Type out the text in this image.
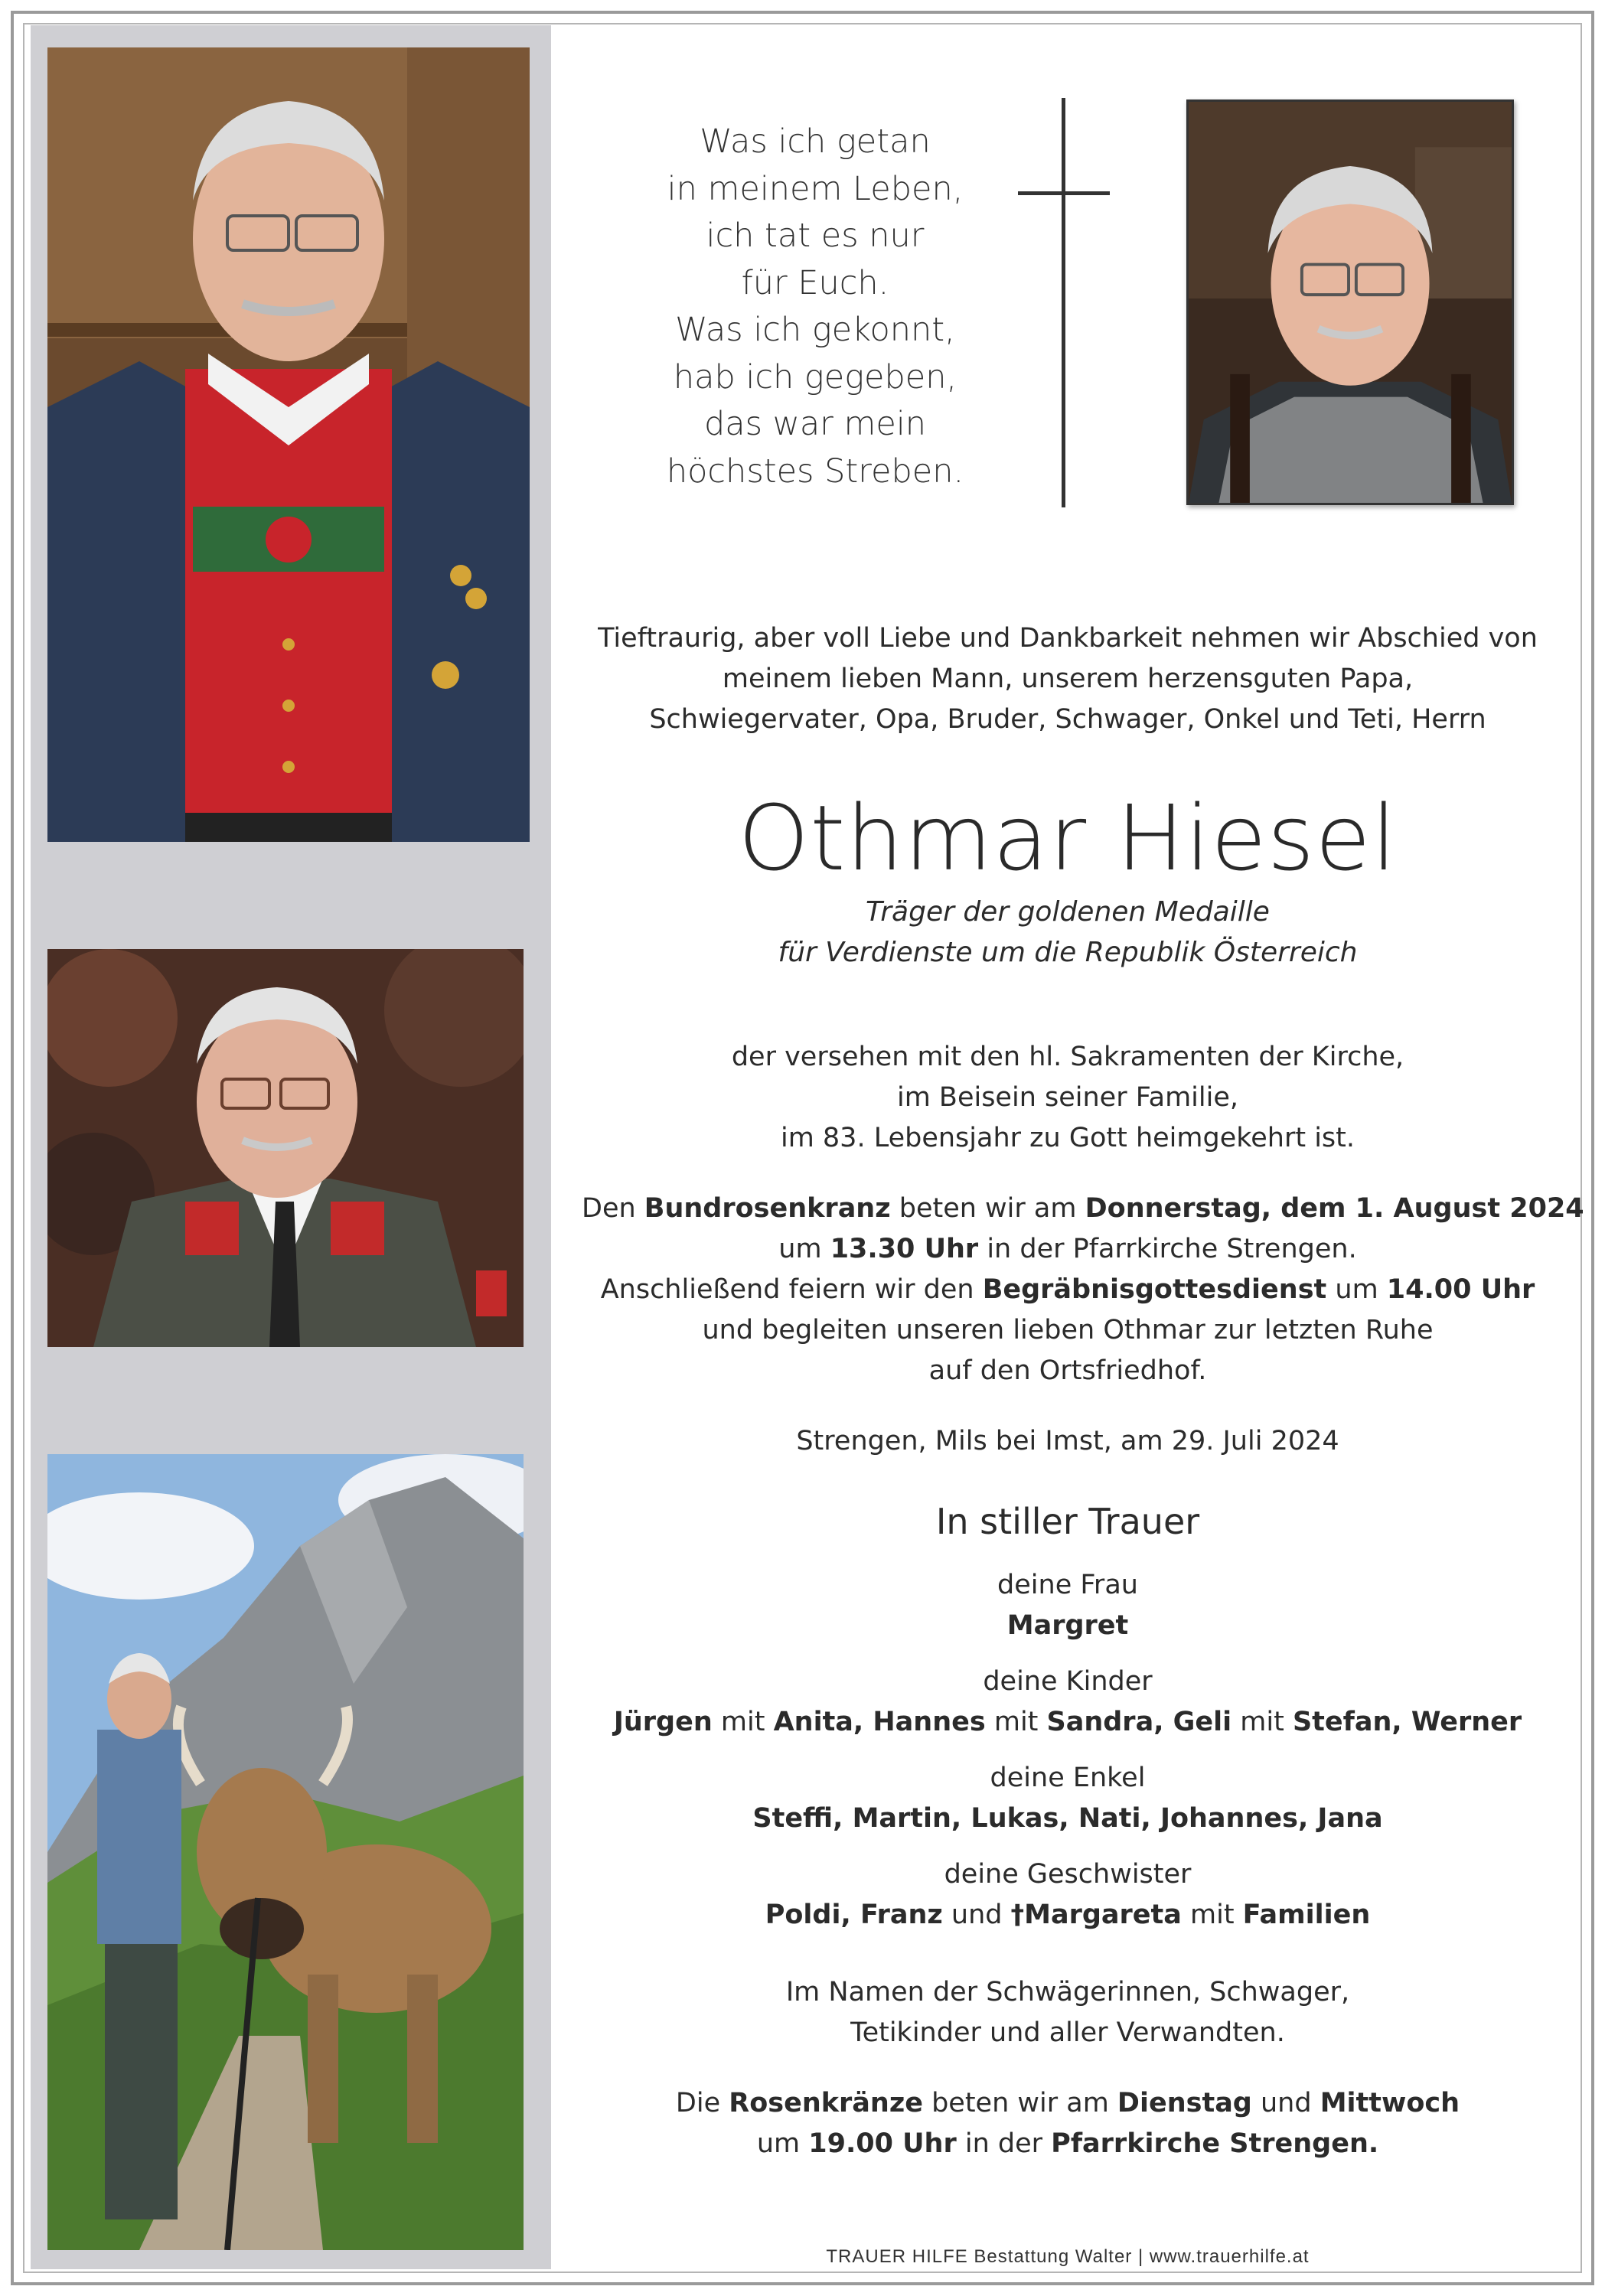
Was ich getan
in meinem Leben,
ich tat es nur
für Euch.
Was ich gekonnt,
hab ich gegeben,
das war mein
höchstes Streben.
Tieftraurig, aber voll Liebe und Dankbarkeit nehmen wir Abschied von
meinem lieben Mann, unserem herzensguten Papa,
Schwiegervater, Opa, Bruder, Schwager, Onkel und Teti, Herrn
Othmar Hiesel
Träger der goldenen Medaille
für Verdienste um die Republik Österreich
der versehen mit den hl. Sakramenten der Kirche,
im Beisein seiner Familie,
im 83. Lebensjahr zu Gott heimgekehrt ist.
Den Bundrosenkranz beten wir am Donnerstag, dem 1. August 2024
um 13.30 Uhr in der Pfarrkirche Strengen.
Anschließend feiern wir den Begräbnisgottesdienst um 14.00 Uhr
und begleiten unseren lieben Othmar zur letzten Ruhe
auf den Ortsfriedhof.
Strengen, Mils bei Imst, am 29. Juli 2024
In stiller Trauer
deine Frau
Margret
deine Kinder
Jürgen mit Anita, Hannes mit Sandra, Geli mit Stefan, Werner
deine Enkel
Steffi, Martin, Lukas, Nati, Johannes, Jana
deine Geschwister
Poldi, Franz und †Margareta mit Familien
Im Namen der Schwägerinnen, Schwager,
Tetikinder und aller Verwandten.
Die Rosenkränze beten wir am Dienstag und Mittwoch
um 19.00 Uhr in der Pfarrkirche Strengen.
TRAUER HILFE Bestattung Walter | www.trauerhilfe.at
